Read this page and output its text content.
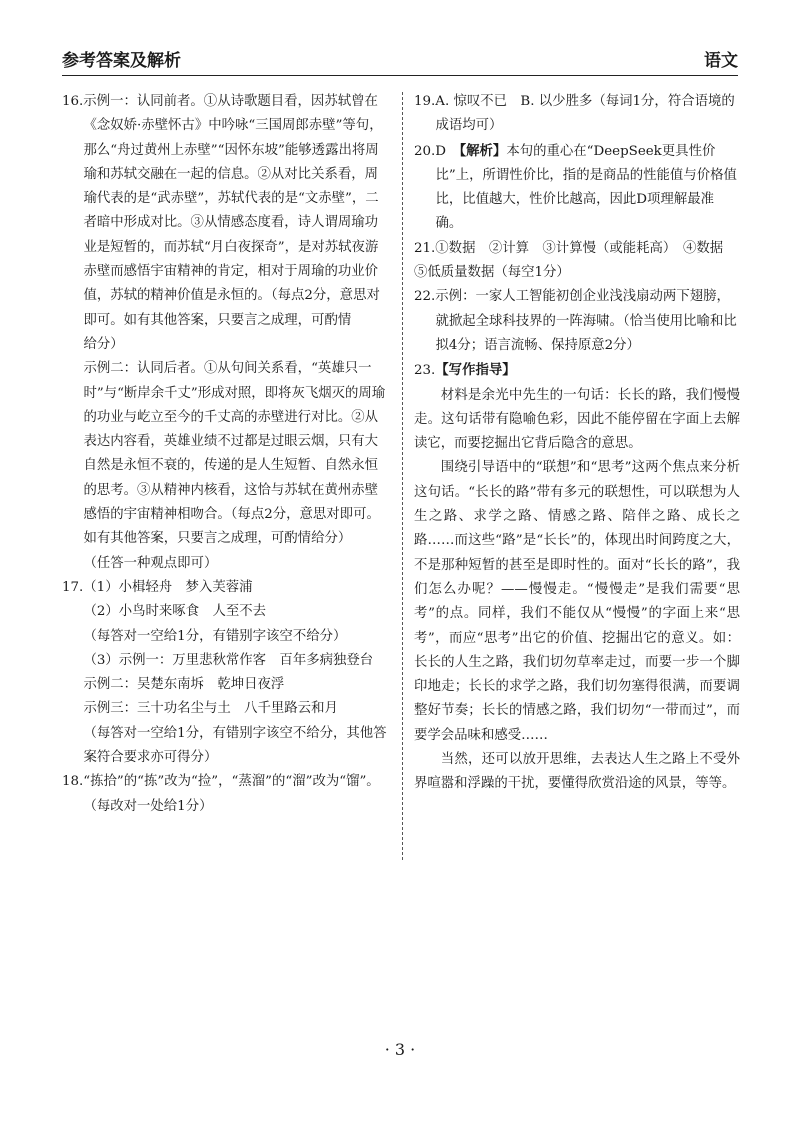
参考答案及解析	语文
16.示例一：认同前者。①从诗歌题目看，因苏轼曾在《念奴娇·赤壁怀古》中吟咏“三国周郎赤壁”等句，那么“舟过黄州上赤壁”“因怀东坡”能够透露出将周瑜和苏轼交融在一起的信息。②从对比关系看，周瑜代表的是“武赤壁”，苏轼代表的是“文赤壁”，二者暗中形成对比。③从情感态度看，诗人谓周瑜功业是短暂的，而苏轼“月白夜探奇”，是对苏轼夜游赤壁而感悟宇宙精神的肯定，相对于周瑜的功业价值，苏轼的精神价值是永恒的。（每点2分，意思对即可。如有其他答案，只要言之成理，可酌情给分）
示例二：认同后者。①从句间关系看，“英雄只一时”与“断岸余千丈”形成对照，即将灰飞烟灭的周瑜的功业与屹立至今的千丈高的赤壁进行对比。②从表达内容看，英雄业绩不过都是过眼云烟，只有大自然是永恒不衰的，传递的是人生短暂、自然永恒的思考。③从精神内核看，这恰与苏轼在黄州赤壁感悟的宇宙精神相吻合。（每点2分，意思对即可。如有其他答案，只要言之成理，可酌情给分）
（任答一种观点即可）
17.（1）小楫轻舟　梦入芙蓉浦
（2）小鸟时来啄食　人至不去
（每答对一空给1分，有错别字该空不给分）
（3）示例一：万里悲秋常作客　百年多病独登台
示例二：吴楚东南坼　乾坤日夜浮
示例三：三十功名尘与土　八千里路云和月
（每答对一空给1分，有错别字该空不给分，其他答案符合要求亦可得分）
18.“拣拾”的“拣”改为“捡”，“蒸溜”的“溜”改为“馏”。
（每改对一处给1分）
19.A. 惊叹不已　B. 以少胜多（每词1分，符合语境的成语均可）
20.D　【解析】本句的重心在“DeepSeek更具性价比”上，所谓性价比，指的是商品的性能值与价格值比，比值越大，性价比越高，因此D项理解最准确。
21.①数据　②计算　③计算慢（或能耗高）　④数据
⑤低质量数据（每空1分）
22.示例：一家人工智能初创企业浅浅扇动两下翅膀，就掀起全球科技界的一阵海啸。（恰当使用比喻和比拟4分；语言流畅、保持原意2分）
23.【写作指导】
材料是余光中先生的一句话：长长的路，我们慢慢走。这句话带有隐喻色彩，因此不能停留在字面上去解读它，而要挖掘出它背后隐含的意思。
围绕引导语中的“联想”和“思考”这两个焦点来分析这句话。“长长的路”带有多元的联想性，可以联想为人生之路、求学之路、情感之路、陪伴之路、成长之路……而这些“路”是“长长”的，体现出时间跨度之大，不是那种短暂的甚至是即时性的。面对“长长的路”，我们怎么办呢？——慢慢走。“慢慢走”是我们需要“思考”的点。同样，我们不能仅从“慢慢”的字面上来“思考”，而应“思考”出它的价值、挖掘出它的意义。如：长长的人生之路，我们切勿草率走过，而要一步一个脚印地走；长长的求学之路，我们切勿塞得很满，而要调整好节奏；长长的情感之路，我们切勿“一带而过”，而要学会品味和感受……
当然，还可以放开思维，去表达人生之路上不受外界喧嚣和浮躁的干扰，要懂得欣赏沿途的风景，等等。
· 3 ·
